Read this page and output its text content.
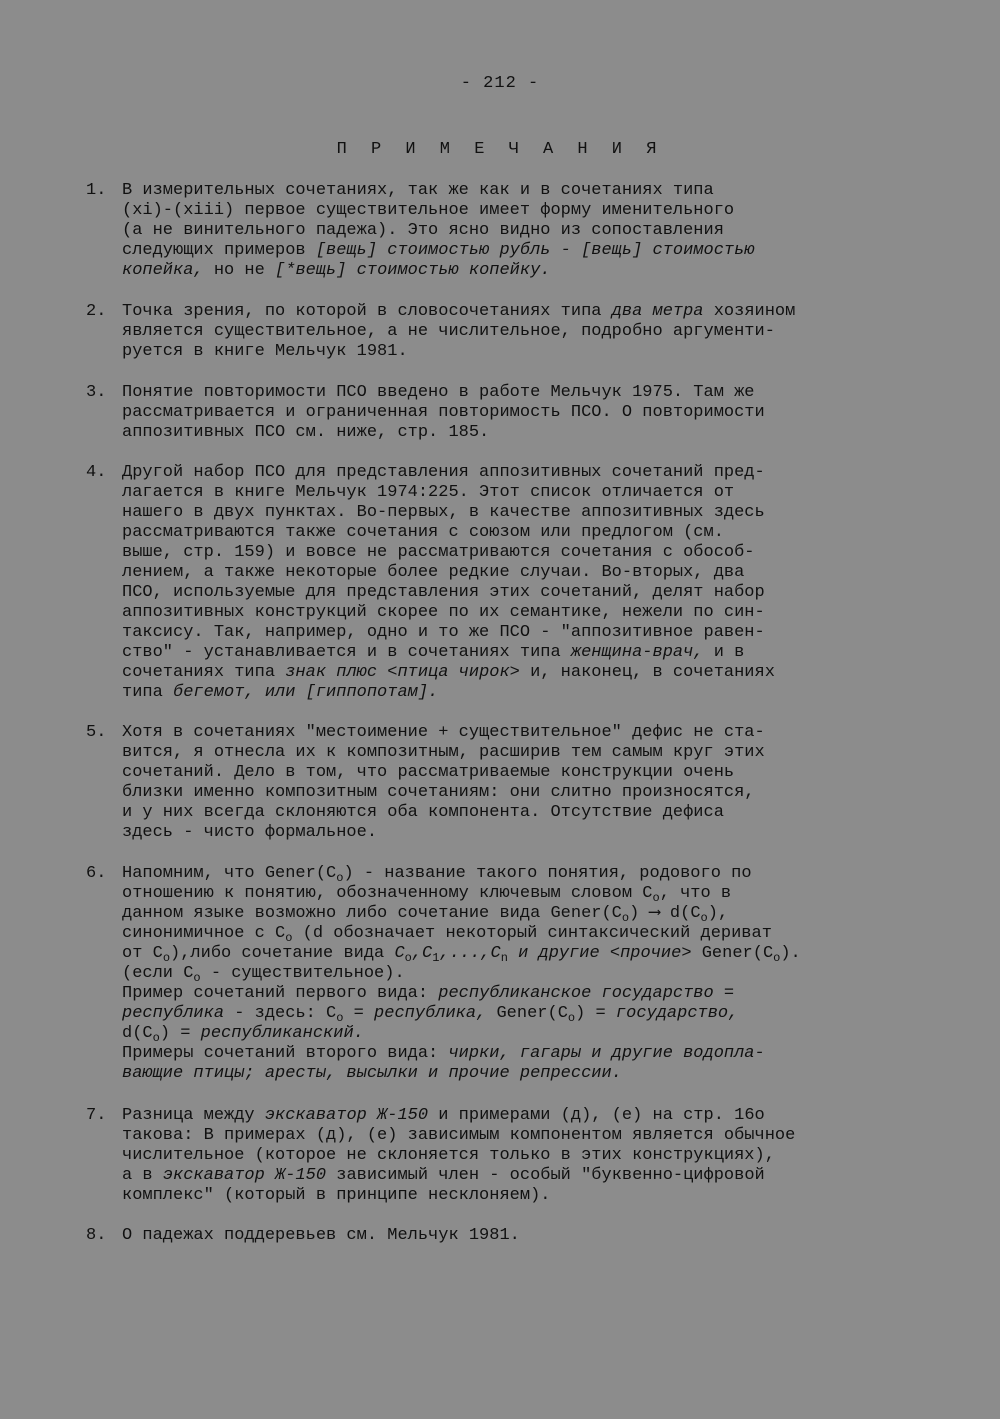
- 212 -
П Р И М Е Ч А Н И Я
1. В измерительных сочетаниях, так же как и в сочетаниях типа
(xi)-(xiii) первое существительное имеет форму именительного
(а не винительного падежа). Это ясно видно из сопоставления
следующих примеров [вещь] стоимостью рубль - [вещь] стоимостью
копейка, но не [*вещь] стоимостью копейку.
2. Точка зрения, по которой в словосочетаниях типа два метра хозяином
является существительное, а не числительное, подробно аргументи-
руется в книге Мельчук 1981.
3. Понятие повторимости ПСО введено в работе Мельчук 1975. Там же
рассматривается и ограниченная повторимость ПСО. О повторимости
аппозитивных ПСО см. ниже, стр. 185.
4. Другой набор ПСО для представления аппозитивных сочетаний пред-
лагается в книге Мельчук 1974:225. Этот список отличается от
нашего в двух пунктах. Во-первых, в качестве аппозитивных здесь
рассматриваются также сочетания с союзом или предлогом (см.
выше, стр. 159) и вовсе не рассматриваются сочетания с обособ-
лением, а также некоторые более редкие случаи. Во-вторых, два
ПСО, используемые для представления этих сочетаний, делят набор
аппозитивных конструкций скорее по их семантике, нежели по син-
таксису. Так, например, одно и то же ПСО - "аппозитивное равен-
ство" - устанавливается и в сочетаниях типа женщина-врач, и в
сочетаниях типа знак плюс <птица чирок> и, наконец, в сочетаниях
типа бегемот, или [гиппопотам].
5. Хотя в сочетаниях "местоимение + существительное" дефис не ста-
вится, я отнесла их к композитным, расширив тем самым круг этих
сочетаний. Дело в том, что рассматриваемые конструкции очень
близки именно композитным сочетаниям: они слитно произносятся,
и у них всегда склоняются оба компонента. Отсутствие дефиса
здесь - чисто формальное.
6. Напомним, что $Gener(C_o)$ - название такого понятия, родового по
отношению к понятию, обозначенному ключевым словом $C_o$, что в
данном языке возможно либо сочетание вида $Gener(C_o)$ ⟶ $d(C_o)$,
синонимичное с $C_o$ (d обозначает некоторый синтаксический дериват
от $C_o),либо$ сочетание вида $C_o,C_1,...,C_n$ и другие <прочие> $Gener(C_o)$.
(если $C_o$ - существительное).
Пример сочетаний первого вида: республиканское государство =
республика - здесь: $C_o$ = республика, $Gener(C_o)$ = государство,
$d(C_o)$ = республиканский.
Примеры сочетаний второго вида: чирки, гагары и другие водопла-
вающие птицы; аресты, высылки и прочие репрессии.
7. Разница между экскаватор Ж-150 и примерами (д), (е) на стр. 16о
такова: В примерах (д), (е) зависимым компонентом является обычное
числительное (которое не склоняется только в этих конструкциях),
а в экскаватор Ж-150 зависимый член - особый "буквенно-цифровой
комплекс" (который в принципе несклоняем).
8. О падежах поддеревьев см. Мельчук 1981.
